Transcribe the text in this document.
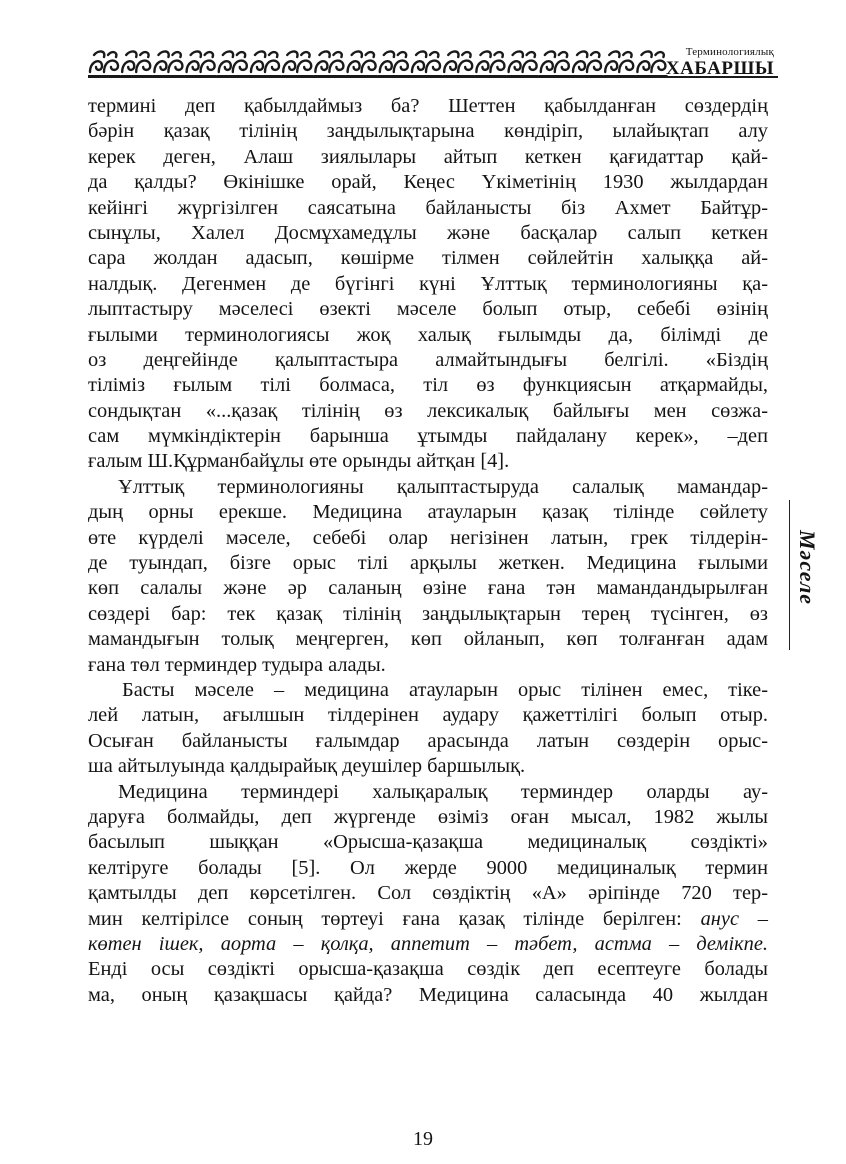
Терминологиялық
ХАБАРШЫ
термині деп қабылдаймыз ба? Шеттен қабылданған сөздердің
бәрін қазақ тілінің заңдылықтарына көндіріп, ылайықтап алу
керек деген, Алаш зиялылары айтып кеткен қағидаттар қай-
да қалды? Өкінішке орай, Кеңес Үкіметінің 1930 жылдардан
кейінгі жүргізілген саясатына байланысты біз Ахмет Байтұр-
сынұлы, Халел Досмұхамедұлы және басқалар салып кеткен
сара жолдан адасып, көшірме тілмен сөйлейтін халыққа ай-
налдық. Дегенмен де бүгінгі күні Ұлттық терминологияны қа-
лыптастыру мәселесі өзекті мәселе болып отыр, себебі өзінің
ғылыми терминологиясы жоқ халық ғылымды да, білімді де
оз деңгейінде қалыптастыра алмайтындығы белгілі. «Біздің
тіліміз ғылым тілі болмаса, тіл өз функциясын атқармайды,
сондықтан «...қазақ тілінің өз лексикалық байлығы мен сөзжа-
сам мүмкіндіктерін барынша ұтымды пайдалану керек», –деп
ғалым Ш.Құрманбайұлы өте орынды айтқан [4].
Ұлттық терминологияны қалыптастыруда салалық мамандар-
дың орны ерекше. Медицина атауларын қазақ тілінде сөйлету
өте күрделі мәселе, себебі олар негізінен латын, грек тілдерін-
де туындап, бізге орыс тілі арқылы жеткен. Медицина ғылыми
көп салалы және әр саланың өзіне ғана тән мамандандырылған
сөздері бар: тек қазақ тілінің заңдылықтарын терең түсінген, өз
мамандығын толық меңгерген, көп ойланып, көп толғанған адам
ғана төл терминдер тудыра алады.
Басты мәселе – медицина атауларын орыс тілінен емес, тіке-
лей латын, ағылшын тілдерінен аудару қажеттілігі болып отыр.
Осыған байланысты ғалымдар арасында латын сөздерін орыс-
ша айтылуында қалдырайық деушілер баршылық.
Медицина терминдері халықаралық терминдер оларды ау-
даруға болмайды, деп жүргенде өзіміз оған мысал, 1982 жылы
басылып шыққан «Орысша-қазақша медициналық сөздікті»
келтіруге болады [5]. Ол жерде 9000 медициналық термин
қамтылды деп көрсетілген. Сол сөздіктің «А» әріпінде 720 тер-
мин келтірілсе соның төртеуі ғана қазақ тілінде берілген: анус –
көтен ішек, аорта – қолқа, аппетит – тәбет, астма – демікпе.
Енді осы сөздікті орысша-қазақша сөздік деп есептеуге болады
ма, оның қазақшасы қайда? Медицина саласында 40 жылдан
Мәселе
19
